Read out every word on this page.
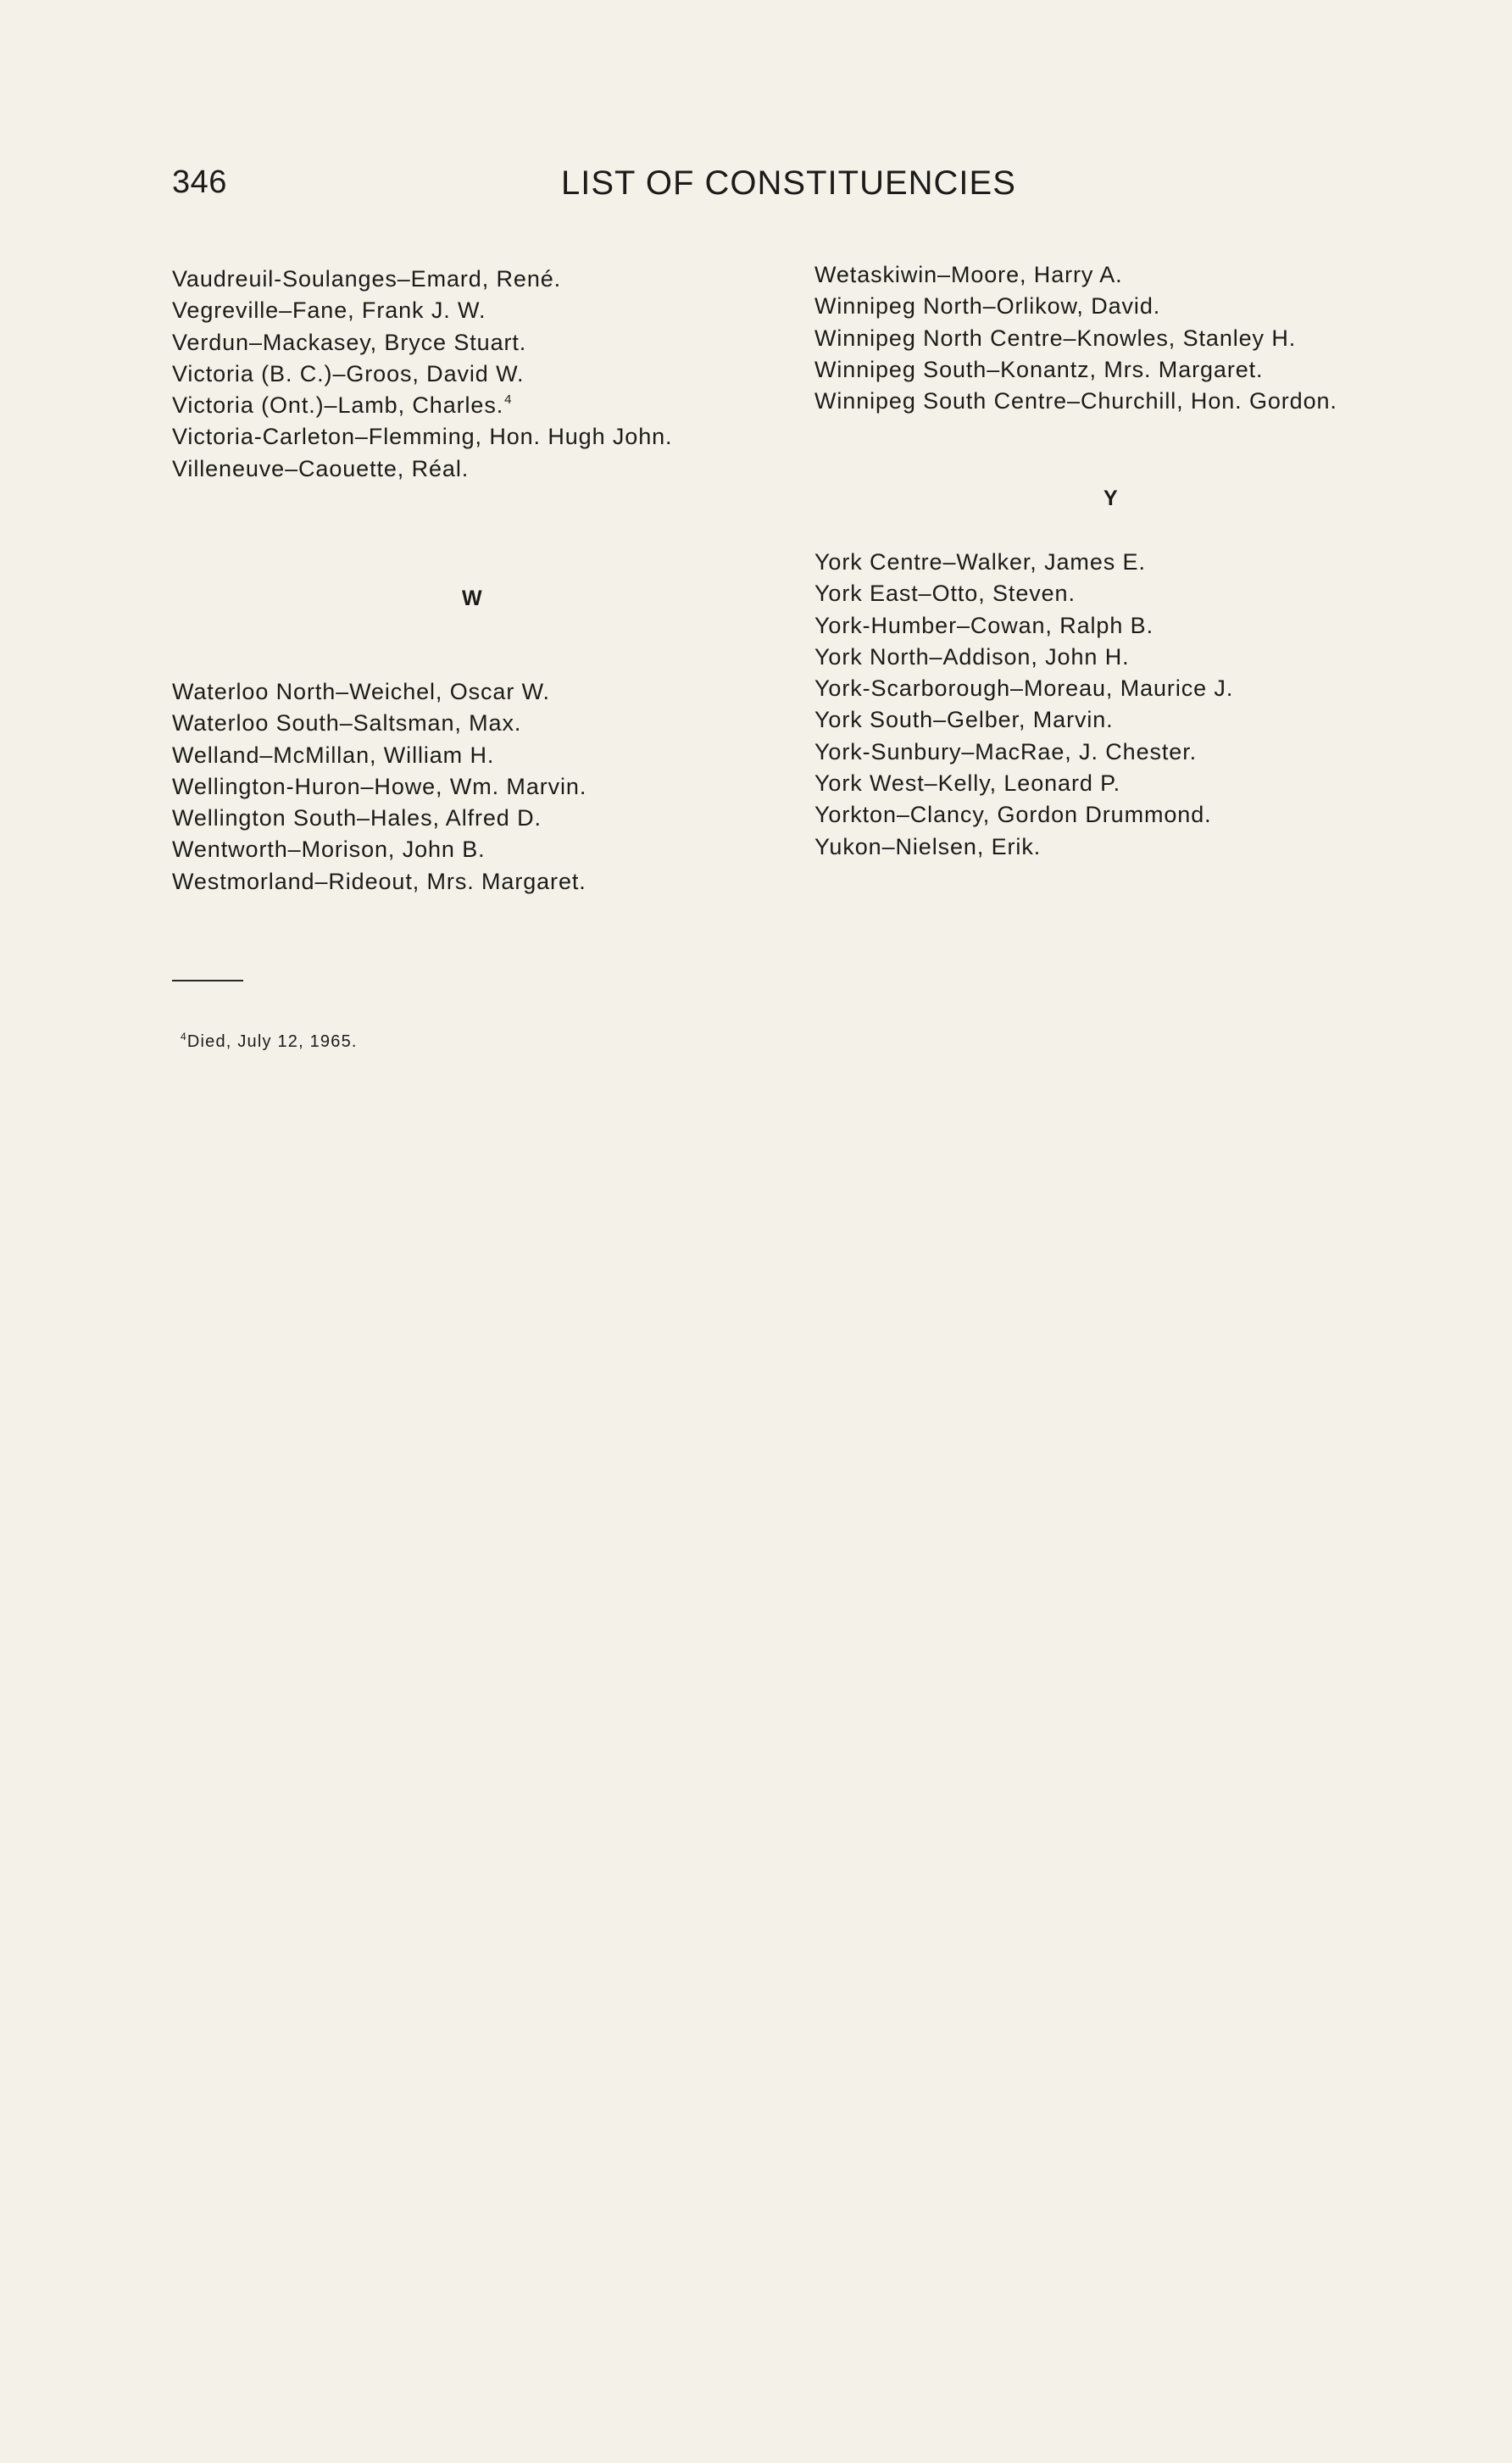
346	LIST OF CONSTITUENCIES
Vaudreuil-Soulanges–Emard, René.
Vegreville–Fane, Frank J. W.
Verdun–Mackasey, Bryce Stuart.
Victoria (B. C.)–Groos, David W.
Victoria (Ont.)–Lamb, Charles.$^4$
Victoria-Carleton–Flemming, Hon. Hugh John.
Villeneuve–Caouette, Réal.
W
Waterloo North–Weichel, Oscar W.
Waterloo South–Saltsman, Max.
Welland–McMillan, William H.
Wellington-Huron–Howe, Wm. Marvin.
Wellington South–Hales, Alfred D.
Wentworth–Morison, John B.
Westmorland–Rideout, Mrs. Margaret.
Wetaskiwin–Moore, Harry A.
Winnipeg North–Orlikow, David.
Winnipeg North Centre–Knowles, Stanley H.
Winnipeg South–Konantz, Mrs. Margaret.
Winnipeg South Centre–Churchill, Hon. Gordon.
Y
York Centre–Walker, James E.
York East–Otto, Steven.
York-Humber–Cowan, Ralph B.
York North–Addison, John H.
York-Scarborough–Moreau, Maurice J.
York South–Gelber, Marvin.
York-Sunbury–MacRae, J. Chester.
York West–Kelly, Leonard P.
Yorkton–Clancy, Gordon Drummond.
Yukon–Nielsen, Erik.
$^4$Died, July 12, 1965.
